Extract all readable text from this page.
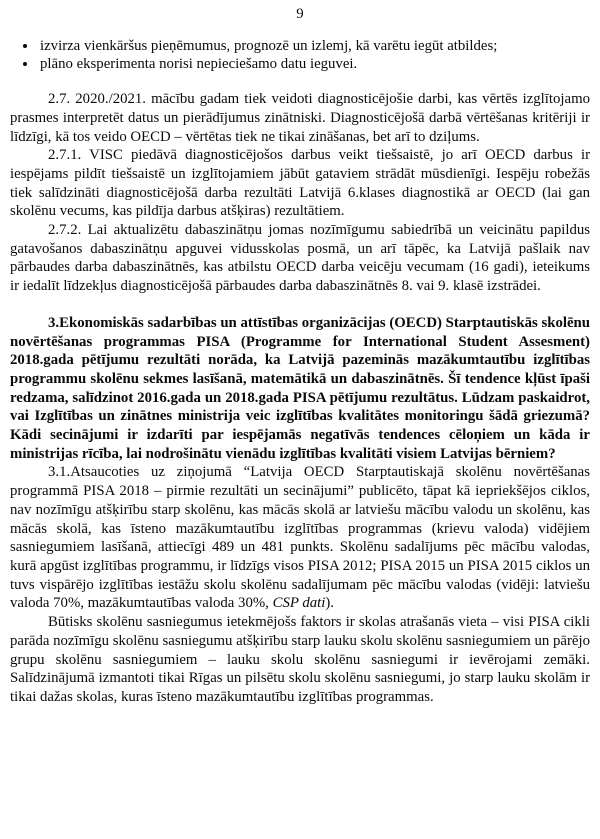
9
• izvirza vienkāršus pieņēmumus, prognozē un izlemj, kā varētu iegūt atbildes;
• plāno eksperimenta norisi nepieciešamo datu ieguvei.

2.7. 2020./2021. mācību gadam tiek veidoti diagnosticējošie darbi, kas vērtēs izglītojamo prasmes interpretēt datus un pierādījumus zinātniski. Diagnosticējošā darbā vērtēšanas kritēriji ir līdzīgi, kā tos veido OECD – vērtētas tiek ne tikai zināšanas, bet arī to dziļums.

2.7.1. VISC piedāvā diagnosticējošos darbus veikt tiešsaistē, jo arī OECD darbus ir iespējams pildīt tiešsaistē un izglītojamiem jābūt gataviem strādāt mūsdienīgi. Iespēju robežās tiek salīdzināti diagnosticējošā darba rezultāti Latvijā 6.klases diagnostikā ar OECD (lai gan skolēnu vecums, kas pildīja darbus atšķiras) rezultātiem.

2.7.2. Lai aktualizētu dabaszinātņu jomas nozīmīgumu sabiedrībā un veicinātu papildus gatavošanos dabaszinātņu apguvei vidusskolas posmā, un arī tāpēc, ka Latvijā pašlaik nav pārbaudes darba dabaszinātnēs, kas atbilstu OECD darba veicēju vecumam (16 gadi), ieteikums ir iedalīt līdzekļus diagnosticējošā pārbaudes darba dabaszinātnēs 8. vai 9. klasē izstrādei.

3.Ekonomiskās sadarbības un attīstības organizācijas (OECD) Starptautiskās skolēnu novērtēšanas programmas PISA (Programme for International Student Assesment) 2018.gada pētījumu rezultāti norāda, ka Latvijā pazeminās mazākumtautību izglītības programmu skolēnu sekmes lasīšanā, matemātikā un dabaszinātnēs. Šī tendence kļūst īpaši redzama, salīdzinot 2016.gada un 2018.gada PISA pētījumu rezultātus. Lūdzam paskaidrot, vai Izglītības un zinātnes ministrija veic izglītības kvalitātes monitoringu šādā griezumā? Kādi secinājumi ir izdarīti par iespējamās negatīvās tendences cēloņiem un kāda ir ministrijas rīcība, lai nodrošinātu vienādu izglītības kvalitāti visiem Latvijas bērniem?

3.1.Atsaucoties uz ziņojumā “Latvija OECD Starptautiskajā skolēnu novērtēšanas programmā PISA 2018 – pirmie rezultāti un secinājumi” publicēto, tāpat kā iepriekšējos ciklos, nav nozīmīgu atšķirību starp skolēnu, kas mācās skolā ar latviešu mācību valodu un skolēnu, kas mācās skolā, kas īsteno mazākumtautību izglītības programmas (krievu valoda) vidējiem sasniegumiem lasīšanā, attiecīgi 489 un 481 punkts. Skolēnu sadalījums pēc mācību valodas, kurā apgūst izglītības programmu, ir līdzīgs visos PISA 2012; PISA 2015 un PISA 2015 ciklos un tuvs vispārējo izglītības iestāžu skolu skolēnu sadalījumam pēc mācību valodas (vidēji: latviešu valoda 70%, mazākumtautības valoda 30%, CSP dati).

Būtisks skolēnu sasniegumus ietekmējošs faktors ir skolas atrašanās vieta – visi PISA cikli parāda nozīmīgu skolēnu sasniegumu atšķirību starp lauku skolu skolēnu sasniegumiem un pārējo grupu skolēnu sasniegumiem – lauku skolu skolēnu sasniegumi ir ievērojami zemāki. Salīdzinājumā izmantoti tikai Rīgas un pilsētu skolu skolēnu sasniegumi, jo starp lauku skolām ir tikai dažas skolas, kuras īsteno mazākumtautību izglītības programmas.
